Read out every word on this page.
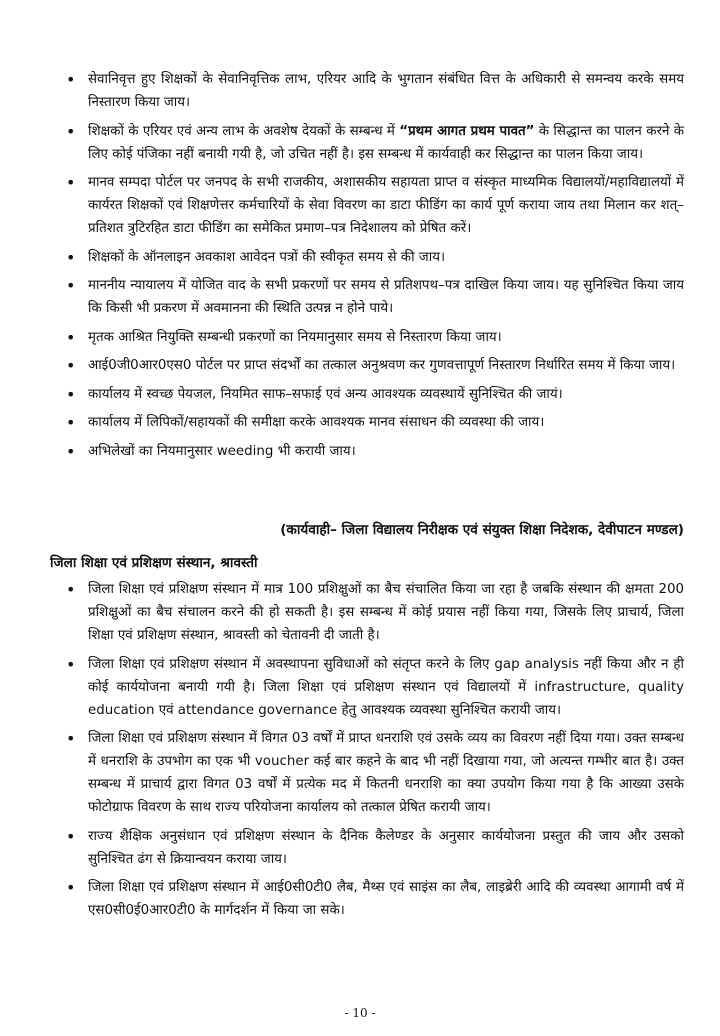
• सेवानिवृत्त हुए शिक्षकों के सेवानिवृत्तिक लाभ, एरियर आदि के भुगतान संबंधित वित्त के अधिकारी से समन्वय करके समय निस्तारण किया जाय।
• शिक्षकों के एरियर एवं अन्य लाभ के अवशेष देयकों के सम्बन्ध में “प्रथम आगत प्रथम पावत” के सिद्धान्त का पालन करने के लिए कोई पंजिका नहीं बनायी गयी है, जो उचित नहीं है। इस सम्बन्ध में कार्यवाही कर सिद्धान्त का पालन किया जाय।
• मानव सम्पदा पोर्टल पर जनपद के सभी राजकीय, अशासकीय सहायता प्राप्त व संस्कृत माध्यमिक विद्यालयों/महाविद्यालयों में कार्यरत शिक्षकों एवं शिक्षणेत्तर कर्मचारियों के सेवा विवरण का डाटा फीडिंग का कार्य पूर्ण कराया जाय तथा मिलान कर शत्–प्रतिशत त्रुटिरहित डाटा फीडिंग का समेकित प्रमाण–पत्र निदेशालय को प्रेषित करें।
• शिक्षकों के ऑनलाइन अवकाश आवेदन पत्रों की स्वीकृत समय से की जाय।
• माननीय न्यायालय में योजित वाद के सभी प्रकरणों पर समय से प्रतिशपथ–पत्र दाखिल किया जाय। यह सुनिश्चित किया जाय कि किसी भी प्रकरण में अवमानना की स्थिति उत्पन्न न होने पाये।
• मृतक आश्रित नियुक्ति सम्बन्धी प्रकरणों का नियमानुसार समय से निस्तारण किया जाय।
• आई0जी0आर0एस0 पोर्टल पर प्राप्त संदर्भों का तत्काल अनुश्रवण कर गुणवत्तापूर्ण निस्तारण निर्धारित समय में किया जाय।
• कार्यालय में स्वच्छ पेयजल, नियमित साफ–सफाई एवं अन्य आवश्यक व्यवस्थायें सुनिश्चित की जायं।
• कार्यालय में लिपिकों/सहायकों की समीक्षा करके आवश्यक मानव संसाधन की व्यवस्था की जाय।
• अभिलेखों का नियमानुसार weeding भी करायी जाय।
(कार्यवाही– जिला विद्यालय निरीक्षक एवं संयुक्त शिक्षा निदेशक, देवीपाटन मण्डल)
जिला शिक्षा एवं प्रशिक्षण संस्थान, श्रावस्ती
• जिला शिक्षा एवं प्रशिक्षण संस्थान में मात्र 100 प्रशिक्षुओं का बैच संचालित किया जा रहा है जबकि संस्थान की क्षमता 200 प्रशिक्षुओं का बैच संचालन करने की हो सकती है। इस सम्बन्ध में कोई प्रयास नहीं किया गया, जिसके लिए प्राचार्य, जिला शिक्षा एवं प्रशिक्षण संस्थान, श्रावस्ती को चेतावनी दी जाती है।
• जिला शिक्षा एवं प्रशिक्षण संस्थान में अवस्थापना सुविधाओं को संतृप्त करने के लिए gap analysis नहीं किया और न ही कोई कार्ययोजना बनायी गयी है। जिला शिक्षा एवं प्रशिक्षण संस्थान एवं विद्यालयों में infrastructure, quality education एवं attendance governance हेतु आवश्यक व्यवस्था सुनिश्चित करायी जाय।
• जिला शिक्षा एवं प्रशिक्षण संस्थान में विगत 03 वर्षों में प्राप्त धनराशि एवं उसके व्यय का विवरण नहीं दिया गया। उक्त सम्बन्ध में धनराशि के उपभोग का एक भी voucher कई बार कहने के बाद भी नहीं दिखाया गया, जो अत्यन्त गम्भीर बात है। उक्त सम्बन्ध में प्राचार्य द्वारा विगत 03 वर्षों में प्रत्येक मद में कितनी धनराशि का क्या उपयोग किया गया है कि आख्या उसके फोटोग्राफ विवरण के साथ राज्य परियोजना कार्यालय को तत्काल प्रेषित करायी जाय।
• राज्य शैक्षिक अनुसंधान एवं प्रशिक्षण संस्थान के दैनिक कैलेण्डर के अनुसार कार्ययोजना प्रस्तुत की जाय और उसको सुनिश्चित ढंग से क्रियान्वयन कराया जाय।
• जिला शिक्षा एवं प्रशिक्षण संस्थान में आई0सी0टी0 लैब, मैथ्स एवं साइंस का लैब, लाइब्रेरी आदि की व्यवस्था आगामी वर्ष में एस0सी0ई0आर0टी0 के मार्गदर्शन में किया जा सके।
- 10 -
